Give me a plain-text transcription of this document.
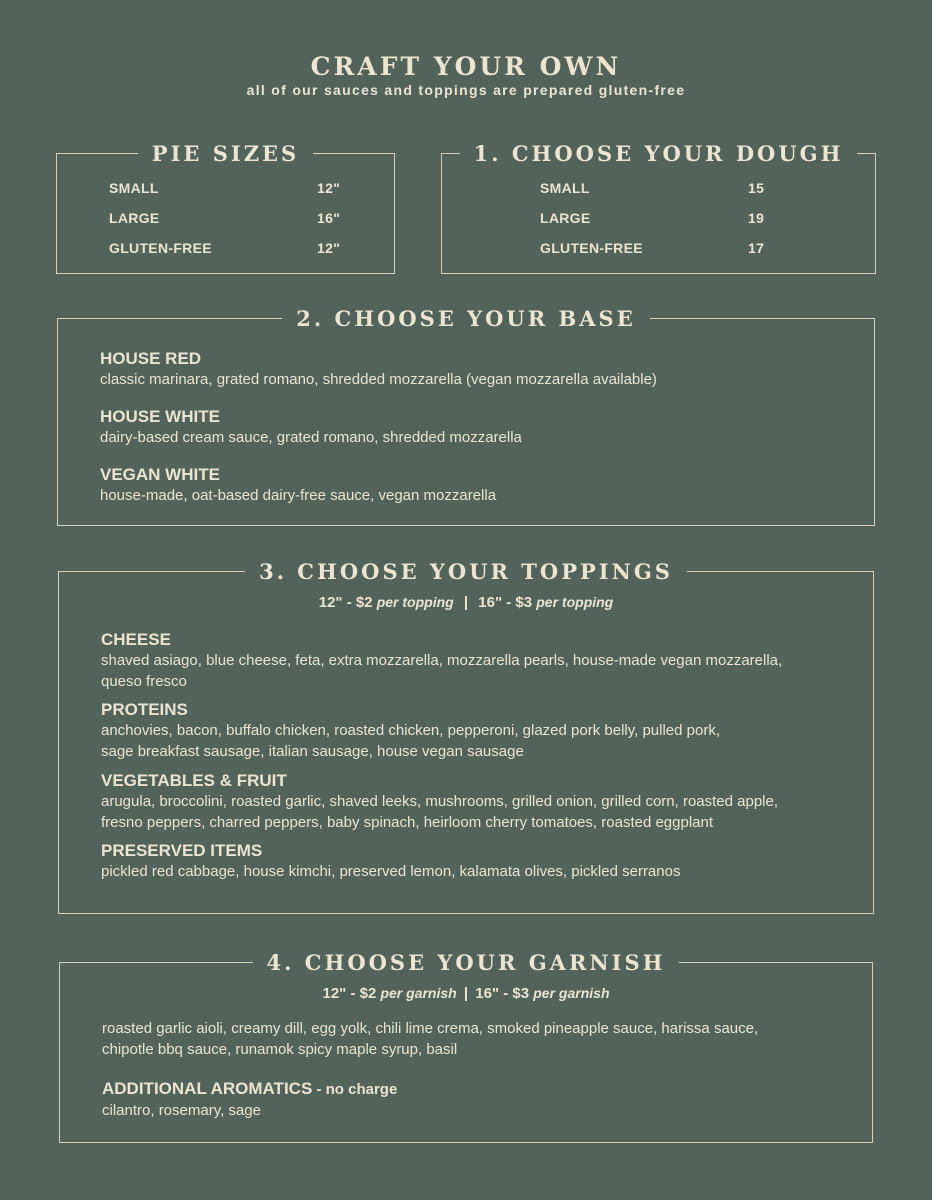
CRAFT YOUR OWN
all of our sauces and toppings are prepared gluten-free
PIE SIZES
SMALL	12"
LARGE	16"
GLUTEN-FREE	12"
1. CHOOSE YOUR DOUGH
SMALL	15
LARGE	19
GLUTEN-FREE	17
2. CHOOSE YOUR BASE
HOUSE RED
classic marinara, grated romano, shredded mozzarella (vegan mozzarella available)
HOUSE WHITE
dairy-based cream sauce, grated romano, shredded mozzarella
VEGAN WHITE
house-made, oat-based dairy-free sauce, vegan mozzarella
3. CHOOSE YOUR TOPPINGS
12" - $2 per topping | 16" - $3 per topping
CHEESE
shaved asiago, blue cheese, feta, extra mozzarella, mozzarella pearls, house-made vegan mozzarella,
queso fresco
PROTEINS
anchovies, bacon, buffalo chicken, roasted chicken, pepperoni, glazed pork belly, pulled pork,
sage breakfast sausage, italian sausage, house vegan sausage
VEGETABLES & FRUIT
arugula, broccolini, roasted garlic, shaved leeks, mushrooms, grilled onion, grilled corn, roasted apple,
fresno peppers, charred peppers, baby spinach, heirloom cherry tomatoes, roasted eggplant
PRESERVED ITEMS
pickled red cabbage, house kimchi, preserved lemon, kalamata olives, pickled serranos
4. CHOOSE YOUR GARNISH
12" - $2 per garnish | 16" - $3 per garnish
roasted garlic aioli, creamy dill, egg yolk, chili lime crema, smoked pineapple sauce, harissa sauce,
chipotle bbq sauce, runamok spicy maple syrup, basil
ADDITIONAL AROMATICS - no charge
cilantro, rosemary, sage
